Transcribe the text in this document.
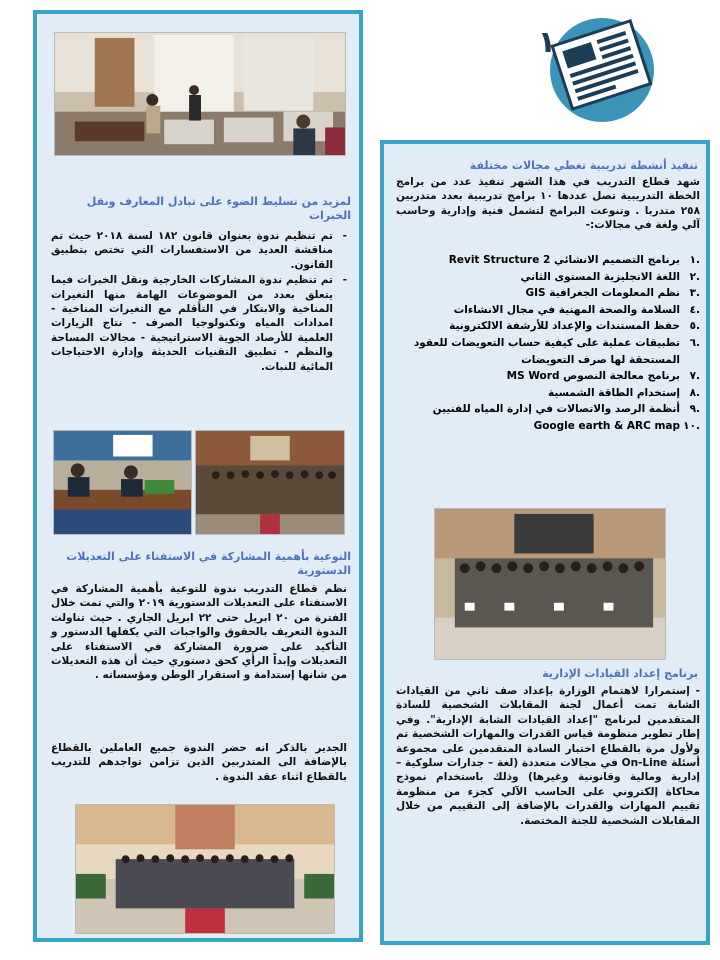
١
لمزيد من تسليط الضوء على تبادل المعارف ونقل الخبرات
-
تم تنظيم ندوة بعنوان قانون ١٨٢ لسنة ٢٠١٨ حيث تم مناقشة العديد من الاستفسارات التي تختص بتطبيق القانون.
-
تم تنظيم ندوة المشاركات الخارجية ونقل الخبرات فيما يتعلق بعدد من الموضوعات الهامة منها التغيرات المناخية والابتكار في التأقلم مع التغيرات المناخية - امدادات المياه وتكنولوجيا الصرف - نتاج الزيارات العلمية للأرصاد الجوية الاستراتيجية - مجالات المساحة والنظم - تطبيق التقنيات الحديثة وإدارة الاحتياجات المائية للنبات.
التوعية بأهمية المشاركة في الاستفتاء على التعديلات الدستورية
نظم قطاع التدريب ندوة للتوعية بأهمية المشاركة في الاستفتاء على التعديلات الدستورية ٢٠١٩ والتي تمت خلال الفترة من ٢٠ ابريل حتى ٢٢ ابريل الجاري . حيث تناولت الندوة التعريف بالحقوق والواجبات التي يكفلها الدستور و التأكيد على ضرورة المشاركة في الاستفتاء على التعديلات وإبداً الرأي كحق دستوري حيث أن هذه التعديلات من شانها إستدامة و استقرار الوطن ومؤسساته .
الجدير بالذكر انه حضر الندوة جميع العاملين بالقطاع بالإضافة الى المتدربين الذين تزامن تواجدهم للتدريب بالقطاع اثناء عقد الندوة .
تنفيذ أنشطة تدريبية تغطي مجالات مختلفة
شهد قطاع التدريب في هذا الشهر تنفيذ عدد من برامج الخطة التدريبية تصل عددها ١٠ برامج تدريبية بعدد متدربين ٢٥٨ متدربا . وتنوعت البرامج لتشمل فنية وإدارية وحاسب آلي ولغة في مجالات:-
.١
برنامج التصميم الانشائي Revit Structure 2
.٢
اللغة الانجليزية المستوى الثاني
.٣
نظم المعلومات الجغرافية GIS
.٤
السلامة والصحة المهنية في مجال الانشاءات
.٥
حفظ المستندات والإعداد للأرشفة الالكترونية
.٦
تطبيقات عملية على كيفية حساب التعويضات للعقود المستحقة لها صرف التعويضات
.٧
برنامج معالجة النصوص MS Word
.٨
إستخدام الطاقة الشمسية
.٩
أنظمة الرصد والاتصالات في إدارة المياه للفنيين
.١٠
Google earth & ARC map
برنامج إعداد القيادات الإدارية
- إستمرارا لاهتمام الوزارة بإعداد صف ثاني من القيادات الشابة تمت أعمال لجنة المقابلات الشخصية للسادة المتقدمين لبرنامج "إعداد القيادات الشابة الإدارية". وفي إطار تطوير منظومة قياس القدرات والمهارات الشخصية تم ولأول مرة بالقطاع اختبار السادة المتقدمين على مجموعة أسئلة On-Line في مجالات متعددة (لغة – جدارات سلوكية – إدارية ومالية وقانونية وغيرها) وذلك باستخدام نموذج محاكاة إلكتروني على الحاسب الآلي كجزء من منظومة تقييم المهارات والقدرات بالإضافة إلى التقييم من خلال المقابلات الشخصية للجنة المختصة.
